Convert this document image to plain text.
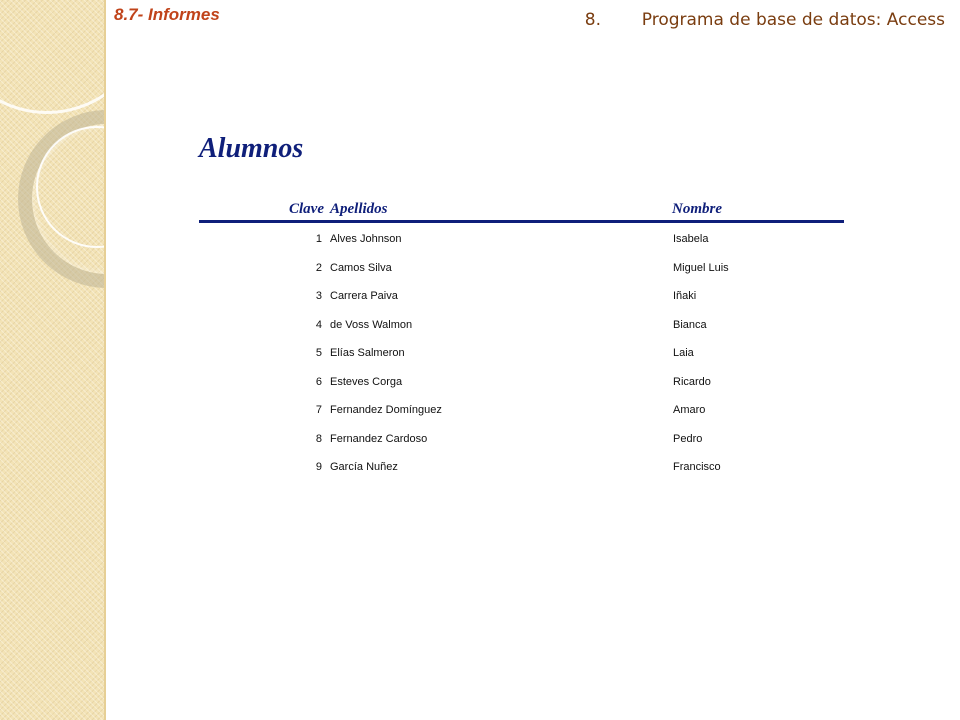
8.7- Informes	8.	Programa de base de datos: Access
Alumnos
Clave Apellidos	Nombre
1 Alves Johnson	Isabela
2 Camos Silva	Miguel Luis
3 Carrera Paiva	Iñaki
4 de Voss Walmon	Bianca
5 Elías Salmeron	Laia
6 Esteves Corga	Ricardo
7 Fernandez Domínguez	Amaro
8 Fernandez Cardoso	Pedro
9 García Nuñez	Francisco
